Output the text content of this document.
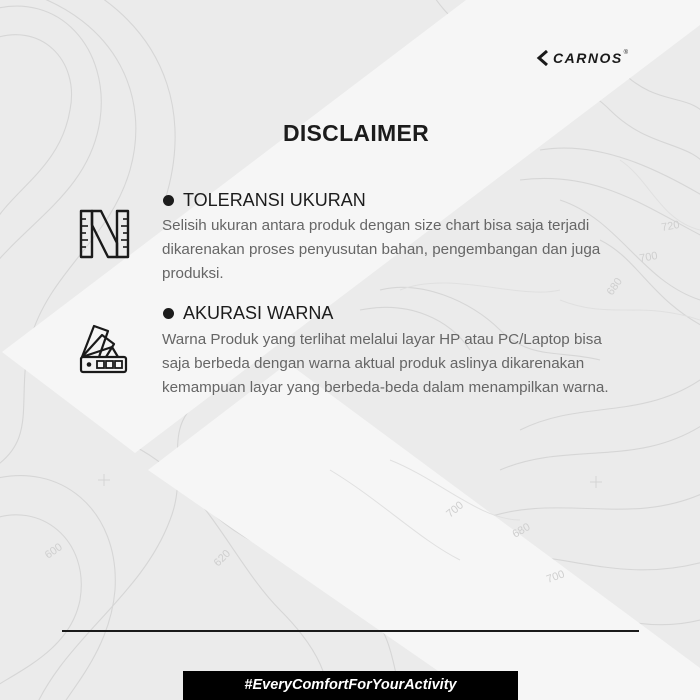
720
700
680
700
680
700
600	620
CARNOS ®
DISCLAIMER
TOLERANSI UKURAN
Selisih ukuran antara produk dengan size chart bisa saja terjadi
dikarenakan proses penyusutan bahan, pengembangan dan juga
produksi.
AKURASI WARNA
Warna Produk yang terlihat melalui layar HP atau PC/Laptop bisa
saja berbeda dengan warna aktual produk aslinya dikarenakan
kemampuan layar yang berbeda-beda dalam menampilkan warna.
#EveryComfortForYourActivity
